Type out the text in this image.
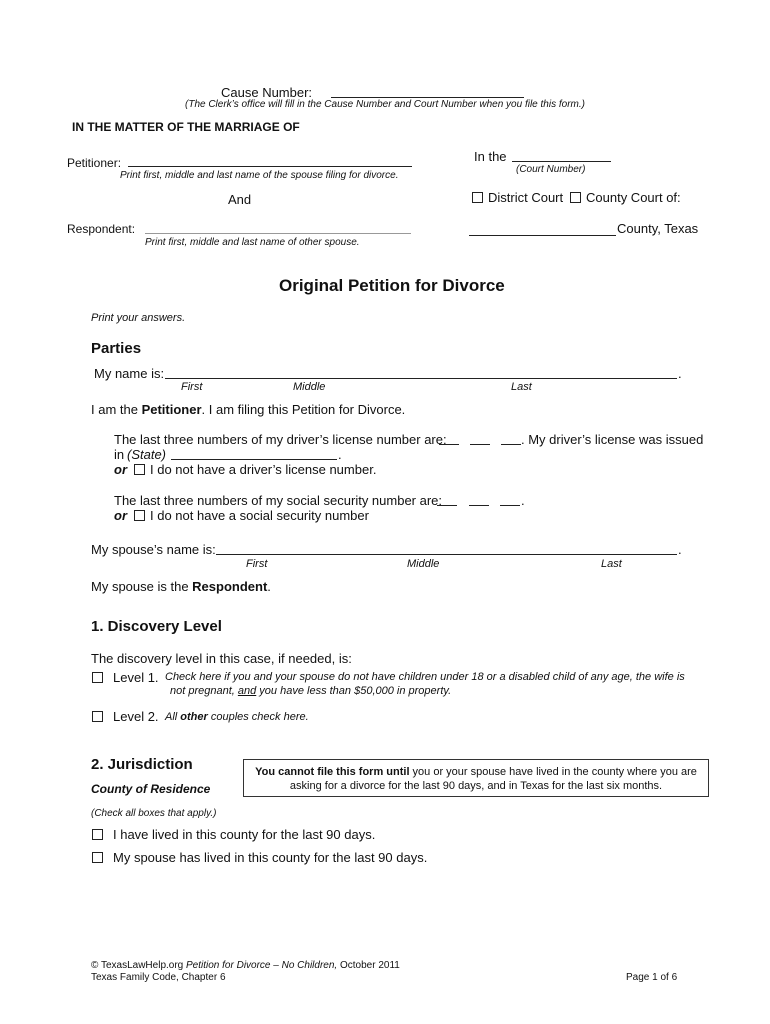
Cause Number:
(The Clerk’s office will fill in the Cause Number and Court Number when you file this form.)
IN THE MATTER OF THE MARRIAGE OF
Petitioner:
Print first, middle and last name of the spouse filing for divorce.
In the
(Court Number)
And	District Court County Court of:
Respondent:
Print first, middle and last name of other spouse.
County, Texas
Original Petition for Divorce
Print your answers.
Parties
My name is:	.
First	Middle	Last
I am the Petitioner. I am filing this Petition for Divorce.
The last three numbers of my driver’s license number are:	. My driver’s license was issued
in (State)	.
or I do not have a driver’s license number.
The last three numbers of my social security number are:	.
or I do not have a social security number
My spouse’s name is:	.
First	Middle	Last
My spouse is the Respondent.
1. Discovery Level
The discovery level in this case, if needed, is:
Level 1. Check here if you and your spouse do not have children under 18 or a disabled child of any age, the wife is
not pregnant, and you have less than $50,000 in property.
Level 2. All other couples check here.
2. Jurisdiction
County of Residence
You cannot file this form until you or your spouse have lived in the county where you are asking for a divorce for the last 90 days, and in Texas for the last six months.
(Check all boxes that apply.)
I have lived in this county for the last 90 days.
My spouse has lived in this county for the last 90 days.
© TexasLawHelp.org Petition for Divorce – No Children, October 2011
Texas Family Code, Chapter 6	Page 1 of 6
